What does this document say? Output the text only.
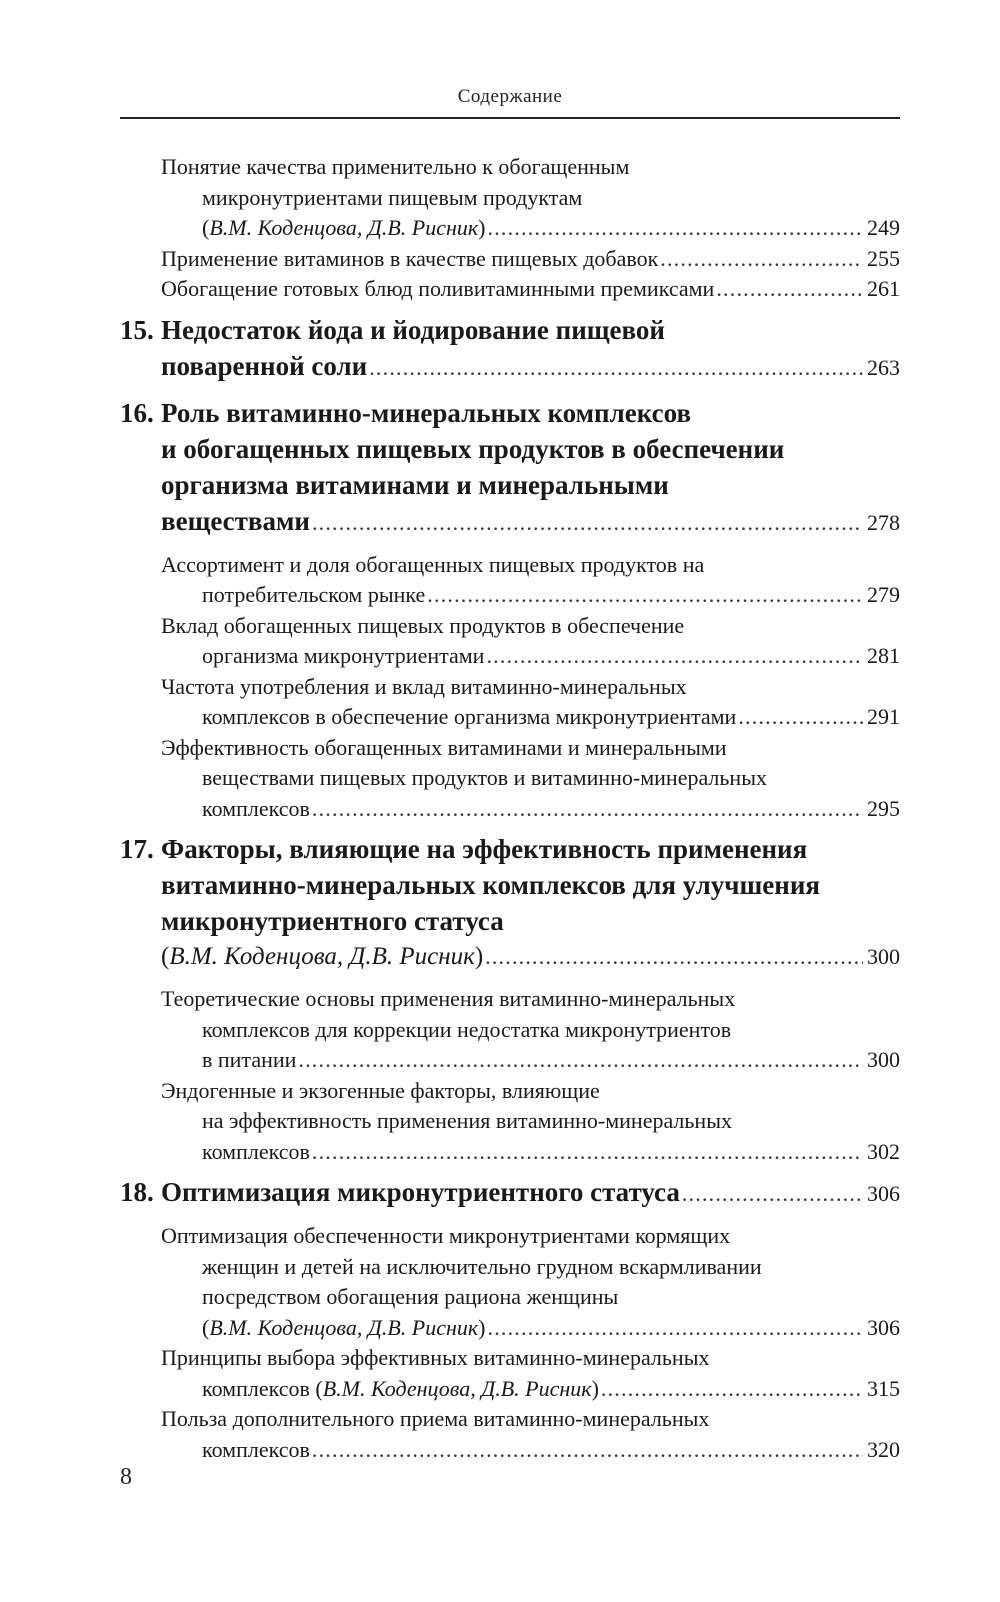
Содержание
Понятие качества применительно к обогащенным
микронутриентами пищевым продуктам
(В.М. Коденцова, Д.В. Рисник) .....	249
Применение витаминов в качестве пищевых добавок .....	255
Обогащение готовых блюд поливитаминными премиксами .....	261
15. Недостаток йода и йодирование пищевой
поваренной соли .....	263
16. Роль витаминно-минеральных комплексов
и обогащенных пищевых продуктов в обеспечении
организма витаминами и минеральными
веществами .....	278
Ассортимент и доля обогащенных пищевых продуктов на
потребительском рынке .....	279
Вклад обогащенных пищевых продуктов в обеспечение
организма микронутриентами .....	281
Частота употребления и вклад витаминно-минеральных
комплексов в обеспечение организма микронутриентами .....	291
Эффективность обогащенных витаминами и минеральными
веществами пищевых продуктов и витаминно-минеральных
комплексов .....	295
17. Факторы, влияющие на эффективность применения
витаминно-минеральных комплексов для улучшения
микронутриентного статуса
(В.М. Коденцова, Д.В. Рисник) .....	300
Теоретические основы применения витаминно-минеральных
комплексов для коррекции недостатка микронутриентов
в питании .....	300
Эндогенные и экзогенные факторы, влияющие
на эффективность применения витаминно-минеральных
комплексов .....	302
18. Оптимизация микронутриентного статуса .....	306
Оптимизация обеспеченности микронутриентами кормящих
женщин и детей на исключительно грудном вскармливании
посредством обогащения рациона женщины
(В.М. Коденцова, Д.В. Рисник) .....	306
Принципы выбора эффективных витаминно-минеральных
комплексов (В.М. Коденцова, Д.В. Рисник) .....	315
Польза дополнительного приема витаминно-минеральных
комплексов .....	320
8
